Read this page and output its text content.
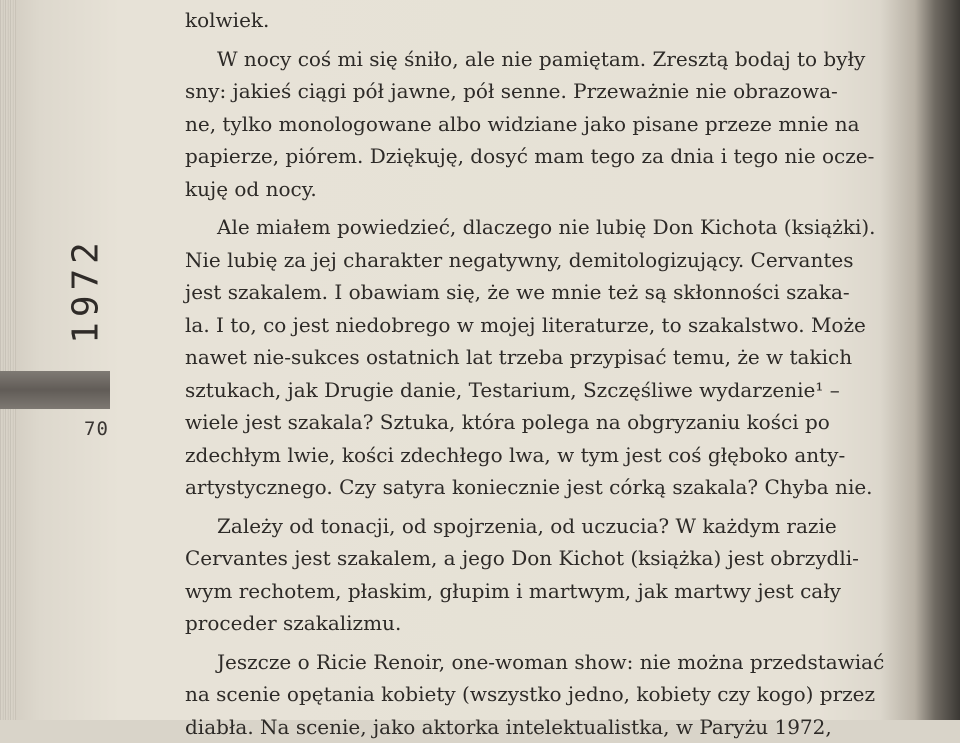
1972
70
kolwiek.
W nocy coś mi się śniło, ale nie pamiętam. Zresztą bodaj to były
sny: jakieś ciągi pół jawne, pół senne. Przeważnie nie obrazowa-
ne, tylko monologowane albo widziane jako pisane przeze mnie na
papierze, piórem. Dziękuję, dosyć mam tego za dnia i tego nie ocze-
kuję od nocy.
Ale miałem powiedzieć, dlaczego nie lubię Don Kichota (książki).
Nie lubię za jej charakter negatywny, demitologizujący. Cervantes
jest szakalem. I obawiam się, że we mnie też są skłonności szaka-
la. I to, co jest niedobrego w mojej literaturze, to szakalstwo. Może
nawet nie-sukces ostatnich lat trzeba przypisać temu, że w takich
sztukach, jak Drugie danie, Testarium, Szczęśliwe wydarzenie¹ –
wiele jest szakala? Sztuka, która polega na obgryzaniu kości po
zdechłym lwie, kości zdechłego lwa, w tym jest coś głęboko anty-
artystycznego. Czy satyra koniecznie jest córką szakala? Chyba nie.
Zależy od tonacji, od spojrzenia, od uczucia? W każdym razie
Cervantes jest szakalem, a jego Don Kichot (książka) jest obrzydli-
wym rechotem, płaskim, głupim i martwym, jak martwy jest cały
proceder szakalizmu.
Jeszcze o Ricie Renoir, one-woman show: nie można przedstawiać
na scenie opętania kobiety (wszystko jedno, kobiety czy kogo) przez
diabła. Na scenie, jako aktorka intelektualistka, w Paryżu 1972,
